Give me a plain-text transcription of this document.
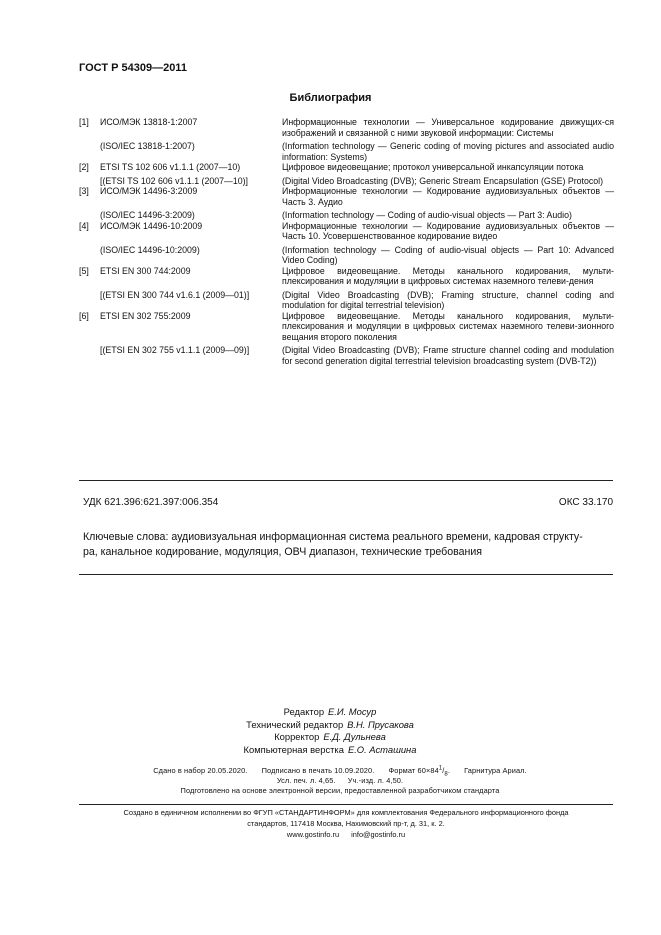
ГОСТ Р 54309—2011
Библиография
[1]	ИСО/МЭК 13818-1:2007	Информационные технологии — Универсальное кодирование движущих-ся изображений и связанной с ними звуковой информации: Системы
(ISO/IEC 13818-1:2007)	(Information technology — Generic coding of moving pictures and associated audio information: Systems)
[2]	ETSI TS 102 606 v1.1.1 (2007—10)	Цифровое видеовещание; протокол универсальной инкапсуляции потока
[(ETSI TS 102 606 v1.1.1 (2007—10)]	(Digital Video Broadcasting (DVB); Generic Stream Encapsulation (GSE) Protocol)
[3]	ИСО/МЭК 14496-3:2009	Информационные технологии — Кодирование аудиовизуальных объектов — Часть 3. Аудио
(ISO/IEC 14496-3:2009)	(Information technology — Coding of audio-visual objects — Part 3: Audio)
[4]	ИСО/МЭК 14496-10:2009	Информационные технологии — Кодирование аудиовизуальных объектов — Часть 10. Усовершенствованное кодирование видео
(ISO/IEC 14496-10:2009)	(Information technology — Coding of audio-visual objects — Part 10: Advanced Video Coding)
[5]	ETSI EN 300 744:2009	Цифровое видеовещание. Методы канального кодирования, мульти-плексирования и модуляции в цифровых системах наземного телеви-дения
[(ETSI EN 300 744 v1.6.1 (2009—01)]	(Digital Video Broadcasting (DVB); Framing structure, channel coding and modulation for digital terrestrial television)
[6]	ETSI EN 302 755:2009	Цифровое видеовещание. Методы канального кодирования, мульти-плексирования и модуляции в цифровых системах наземного телеви-зионного вещания второго поколения
[(ETSI EN 302 755 v1.1.1 (2009—09)]	(Digital Video Broadcasting (DVB); Frame structure channel coding and modulation for second generation digital terrestrial television broadcasting system (DVB-T2))
УДК 621.396:621.397:006.354	ОКС 33.170
Ключевые слова: аудиовизуальная информационная система реального времени, кадровая структу-
ра, канальное кодирование, модуляция, ОВЧ диапазон, технические требования
Редактор Е.И. Мосур
Технический редактор В.Н. Прусакова
Корректор Е.Д. Дульнева
Компьютерная верстка Е.О. Асташина
Сдано в набор 20.05.2020. Подписано в печать 10.09.2020. Формат $60\times 84^1/_8$. Гарнитура Ариал.
Усл. печ. л. 4,65. Уч.-изд. л. 4,50.
Подготовлено на основе электронной версии, предоставленной разработчиком стандарта
Создано в единичном исполнении во ФГУП «СТАНДАРТИНФОРМ» для комплектования Федерального информационного фонда
стандартов, 117418 Москва, Нахимовский пр-т, д. 31, к. 2.
www.gostinfo.ru info@gostinfo.ru
